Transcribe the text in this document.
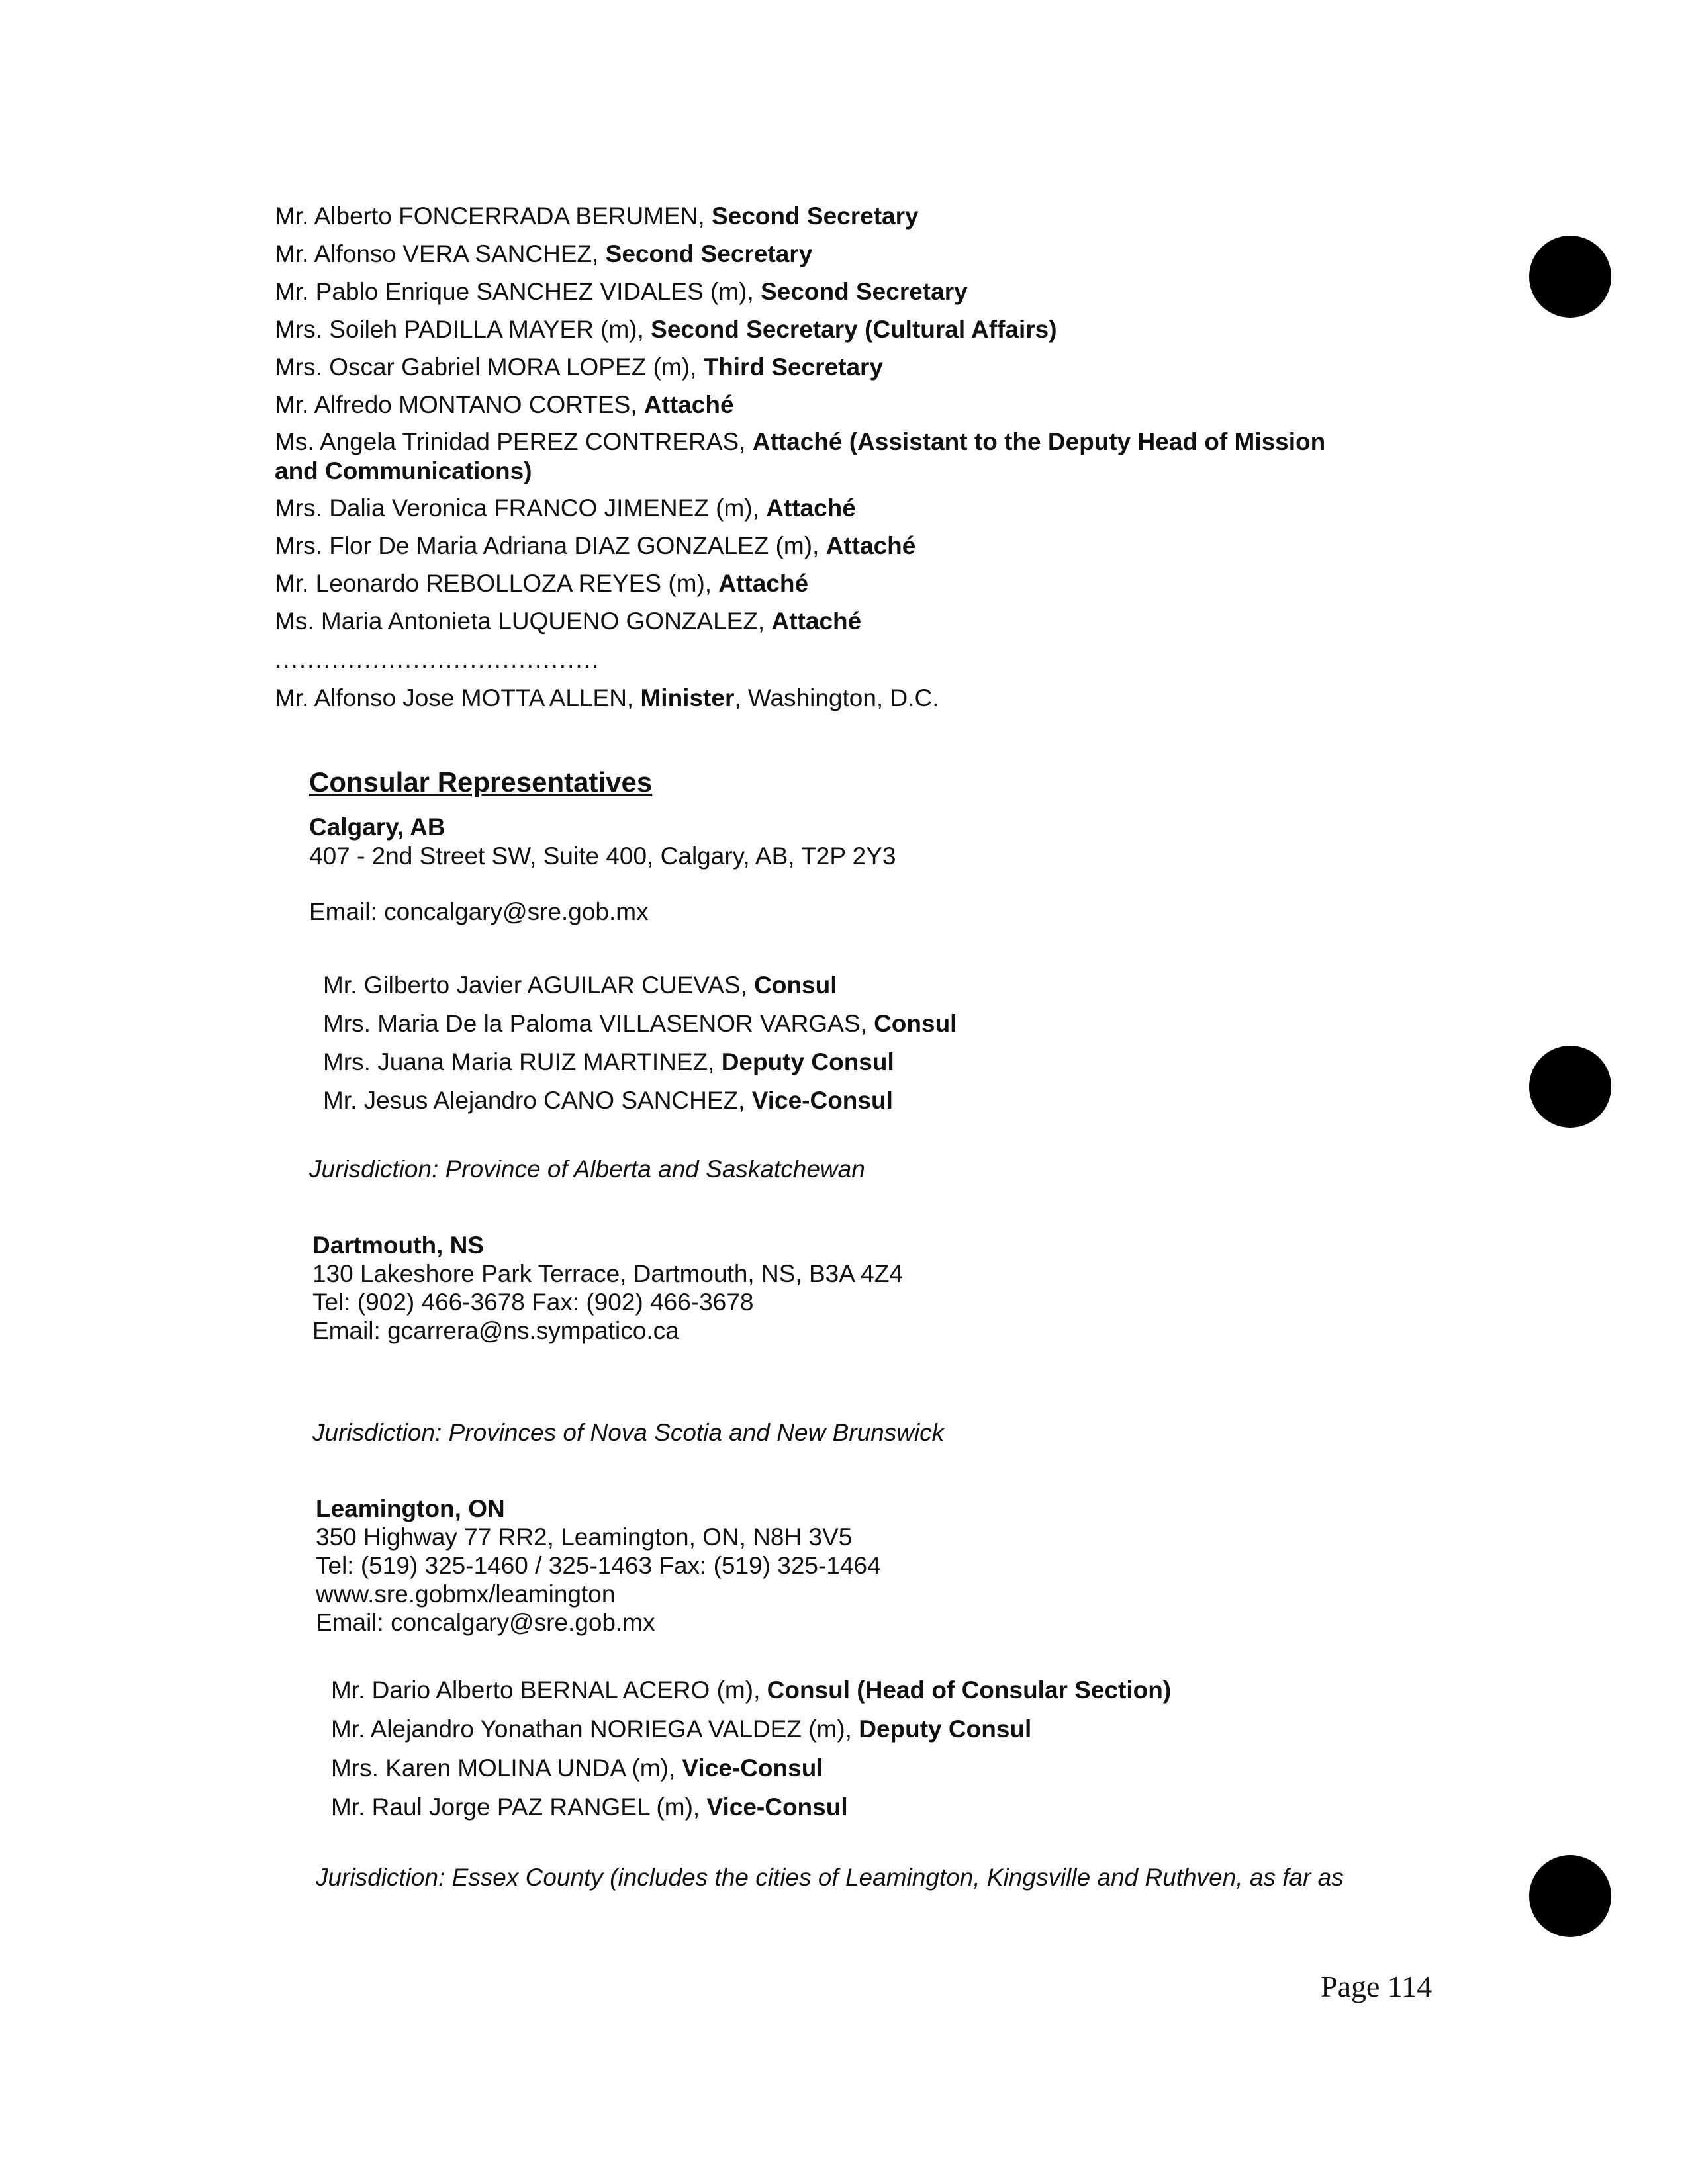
Mr. Alberto FONCERRADA BERUMEN, Second Secretary
Mr. Alfonso VERA SANCHEZ, Second Secretary
Mr. Pablo Enrique SANCHEZ VIDALES (m), Second Secretary
Mrs. Soileh PADILLA MAYER (m), Second Secretary (Cultural Affairs)
Mrs. Oscar Gabriel MORA LOPEZ (m), Third Secretary
Mr. Alfredo MONTANO CORTES, Attaché
Ms. Angela Trinidad PEREZ CONTRERAS, Attaché (Assistant to the Deputy Head of Mission and Communications)
Mrs. Dalia Veronica FRANCO JIMENEZ (m), Attaché
Mrs. Flor De Maria Adriana DIAZ GONZALEZ (m), Attaché
Mr. Leonardo REBOLLOZA REYES (m), Attaché
Ms. Maria Antonieta LUQUENO GONZALEZ, Attaché
........................................
Mr. Alfonso Jose MOTTA ALLEN, Minister, Washington, D.C.
Consular Representatives
Calgary, AB
407 - 2nd Street SW, Suite 400, Calgary, AB, T2P 2Y3
Email: concalgary@sre.gob.mx
Mr. Gilberto Javier AGUILAR CUEVAS, Consul
Mrs. Maria De la Paloma VILLASENOR VARGAS, Consul
Mrs. Juana Maria RUIZ MARTINEZ, Deputy Consul
Mr. Jesus Alejandro CANO SANCHEZ, Vice-Consul
Jurisdiction: Province of Alberta and Saskatchewan
Dartmouth, NS
130 Lakeshore Park Terrace, Dartmouth, NS, B3A 4Z4
Tel: (902) 466-3678 Fax: (902) 466-3678
Email: gcarrera@ns.sympatico.ca
Jurisdiction: Provinces of Nova Scotia and New Brunswick
Leamington, ON
350 Highway 77 RR2, Leamington, ON, N8H 3V5
Tel: (519) 325-1460 / 325-1463 Fax: (519) 325-1464
www.sre.gobmx/leamington
Email: concalgary@sre.gob.mx
Mr. Dario Alberto BERNAL ACERO (m), Consul (Head of Consular Section)
Mr. Alejandro Yonathan NORIEGA VALDEZ (m), Deputy Consul
Mrs. Karen MOLINA UNDA (m), Vice-Consul
Mr. Raul Jorge PAZ RANGEL (m), Vice-Consul
Jurisdiction: Essex County (includes the cities of Leamington, Kingsville and Ruthven, as far as
Page 114
